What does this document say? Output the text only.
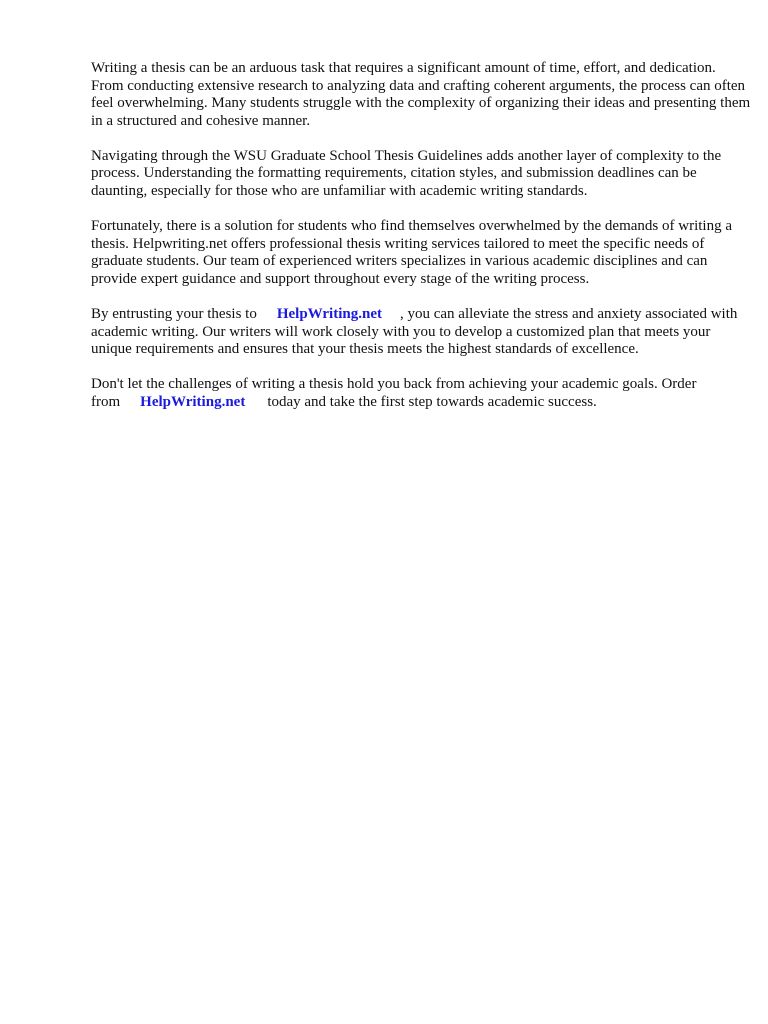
Writing a thesis can be an arduous task that requires a significant amount of time, effort, and dedication. From conducting extensive research to analyzing data and crafting coherent arguments, the process can often feel overwhelming. Many students struggle with the complexity of organizing their ideas and presenting them in a structured and cohesive manner.

Navigating through the WSU Graduate School Thesis Guidelines adds another layer of complexity to the process. Understanding the formatting requirements, citation styles, and submission deadlines can be daunting, especially for those who are unfamiliar with academic writing standards.

Fortunately, there is a solution for students who find themselves overwhelmed by the demands of writing a thesis. Helpwriting.net offers professional thesis writing services tailored to meet the specific needs of graduate students. Our team of experienced writers specializes in various academic disciplines and can provide expert guidance and support throughout every stage of the writing process.

By entrusting your thesis to HelpWriting.net , you can alleviate the stress and anxiety associated with academic writing. Our writers will work closely with you to develop a customized plan that meets your unique requirements and ensures that your thesis meets the highest standards of excellence.

Don't let the challenges of writing a thesis hold you back from achieving your academic goals. Order from HelpWriting.net today and take the first step towards academic success.
